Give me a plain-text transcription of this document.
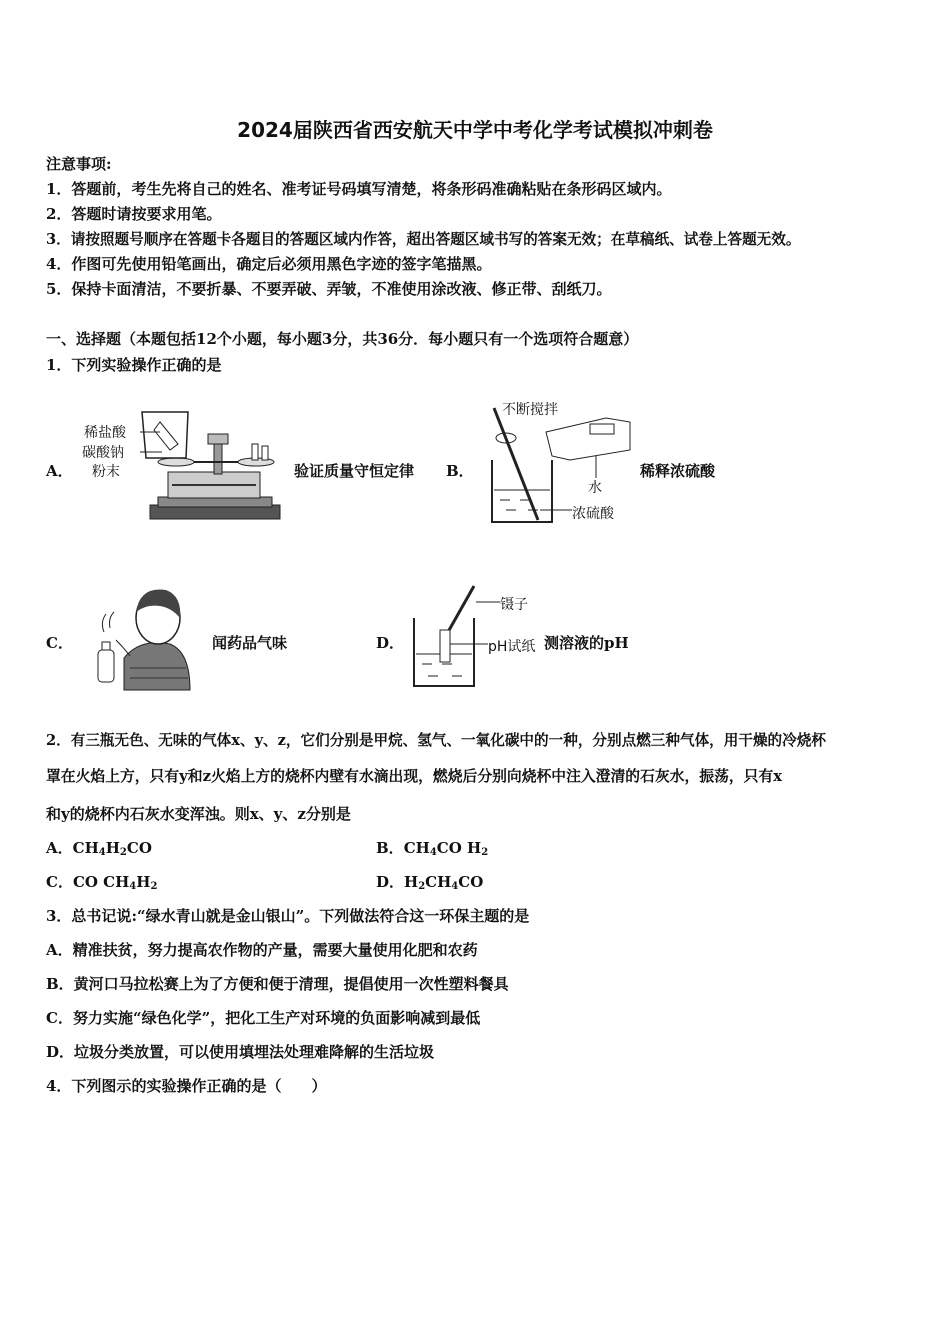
2024届陕西省西安航天中学中考化学考试模拟冲刺卷
注意事项:
1．答题前，考生先将自己的姓名、准考证号码填写清楚，将条形码准确粘贴在条形码区域内。
2．答题时请按要求用笔。
3．请按照题号顺序在答题卡各题目的答题区域内作答，超出答题区域书写的答案无效；在草稿纸、试卷上答题无效。
4．作图可先使用铅笔画出，确定后必须用黑色字迹的签字笔描黑。
5．保持卡面清洁，不要折暴、不要弄破、弄皱，不准使用涂改液、修正带、刮纸刀。
一、选择题（本题包括12个小题，每小题3分，共36分．每小题只有一个选项符合题意）
1．下列实验操作正确的是
A．
稀盐酸
碳酸钠
粉末	验证质量守恒定律 B．
不断搅拌
水
浓硫酸
稀释浓硫酸
C．	闻药品气味	D．
镊子
pH试纸 测溶液的pH
2．有三瓶无色、无味的气体x、y、z，它们分别是甲烷、氢气、一氧化碳中的一种，分别点燃三种气体，用干燥的冷烧杯
罩在火焰上方，只有y和z火焰上方的烧杯内壁有水滴出现，燃烧后分别向烧杯中注入澄清的石灰水，振荡，只有x
和y的烧杯内石灰水变浑浊。则x、y、z分别是
A．$CH_4H_2CO$	B．$CH_4CO$ $H_2$
C．CO $CH_4H_2$	D．$H_2CH_4CO$
3．总书记说:“绿水青山就是金山银山”。下列做法符合这一环保主题的是
A．精准扶贫，努力提高农作物的产量，需要大量使用化肥和农药
B．黄河口马拉松赛上为了方便和便于清理，提倡使用一次性塑料餐具
C．努力实施“绿色化学”，把化工生产对环境的负面影响减到最低
D．垃圾分类放置，可以使用填埋法处理难降解的生活垃圾
4．下列图示的实验操作正确的是（　　）
